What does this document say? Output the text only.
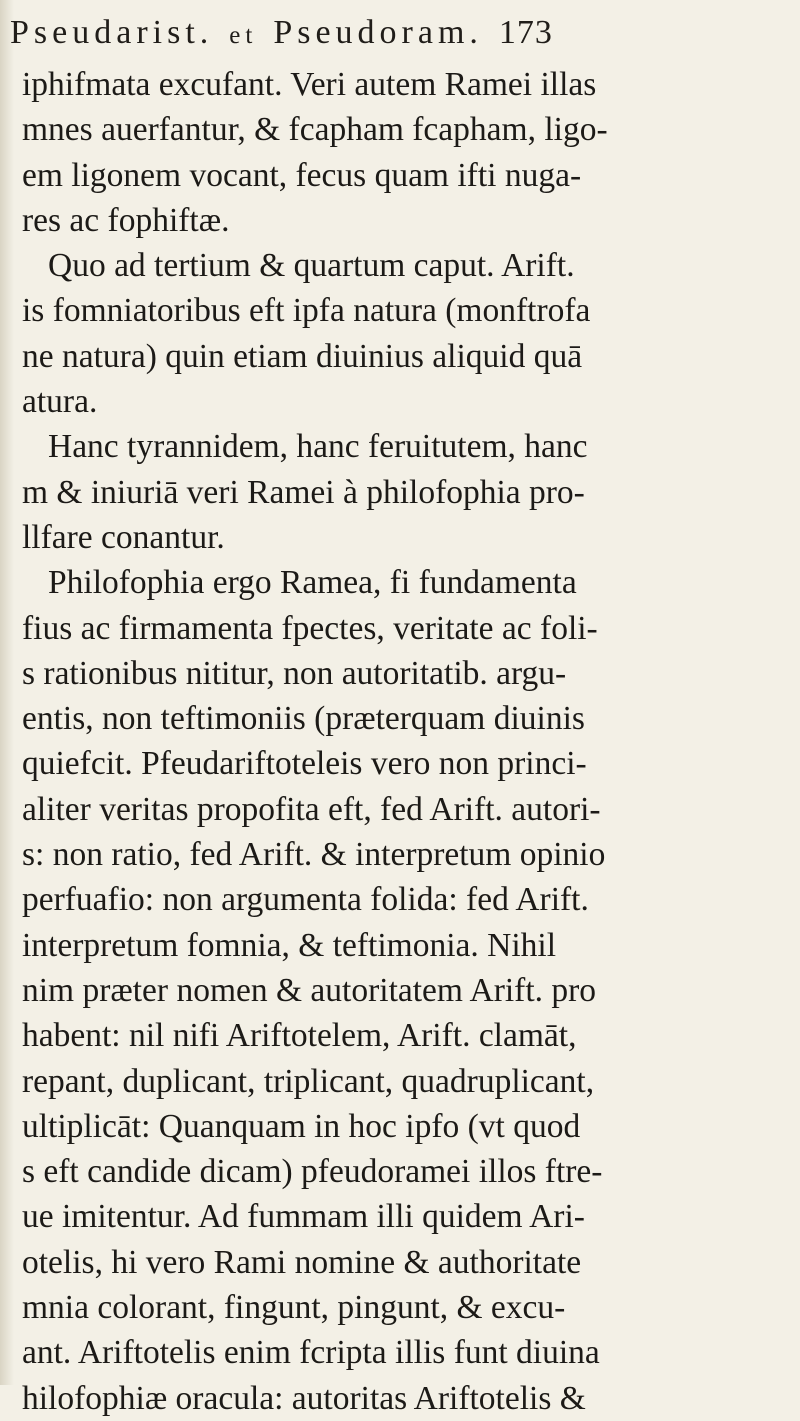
Pseudarist. et Pseudoram. 173
iphifmata excufant. Veri autem Ramei illas
mnes auerfantur, & fcapham fcapham, ligo-
em ligonem vocant, fecus quam ifti nuga-
res ac fophiftæ.
Quo ad tertium & quartum caput. Arift.
is fomniatoribus eft ipfa natura (monftrofa
ne natura) quin etiam diuinius aliquid quā
atura.
Hanc tyrannidem, hanc feruitutem, hanc
m & iniuriā veri Ramei à philofophia pro-
llfare conantur.
Philofophia ergo Ramea, fi fundamenta
fius ac firmamenta fpectes, veritate ac foli-
s rationibus nititur, non autoritatib. argu-
entis, non teftimoniis (præterquam diuinis
quiefcit. Pfeudariftoteleis vero non princi-
aliter veritas propofita eft, fed Arift. autori-
s: non ratio, fed Arift. & interpretum opinio
perfuafio: non argumenta folida: fed Arift.
interpretum fomnia, & teftimonia. Nihil
nim præter nomen & autoritatem Arift. pro
habent: nil nifi Ariftotelem, Arift. clamāt,
repant, duplicant, triplicant, quadruplicant,
ultiplicāt: Quanquam in hoc ipfo (vt quod
s eft candide dicam) pfeudoramei illos ftre-
ue imitentur. Ad fummam illi quidem Ari-
otelis, hi vero Rami nomine & authoritate
mnia colorant, fingunt, pingunt, & excu-
ant. Ariftotelis enim fcripta illis funt diuina
hilofophiæ oracula: autoritas Ariftotelis &
